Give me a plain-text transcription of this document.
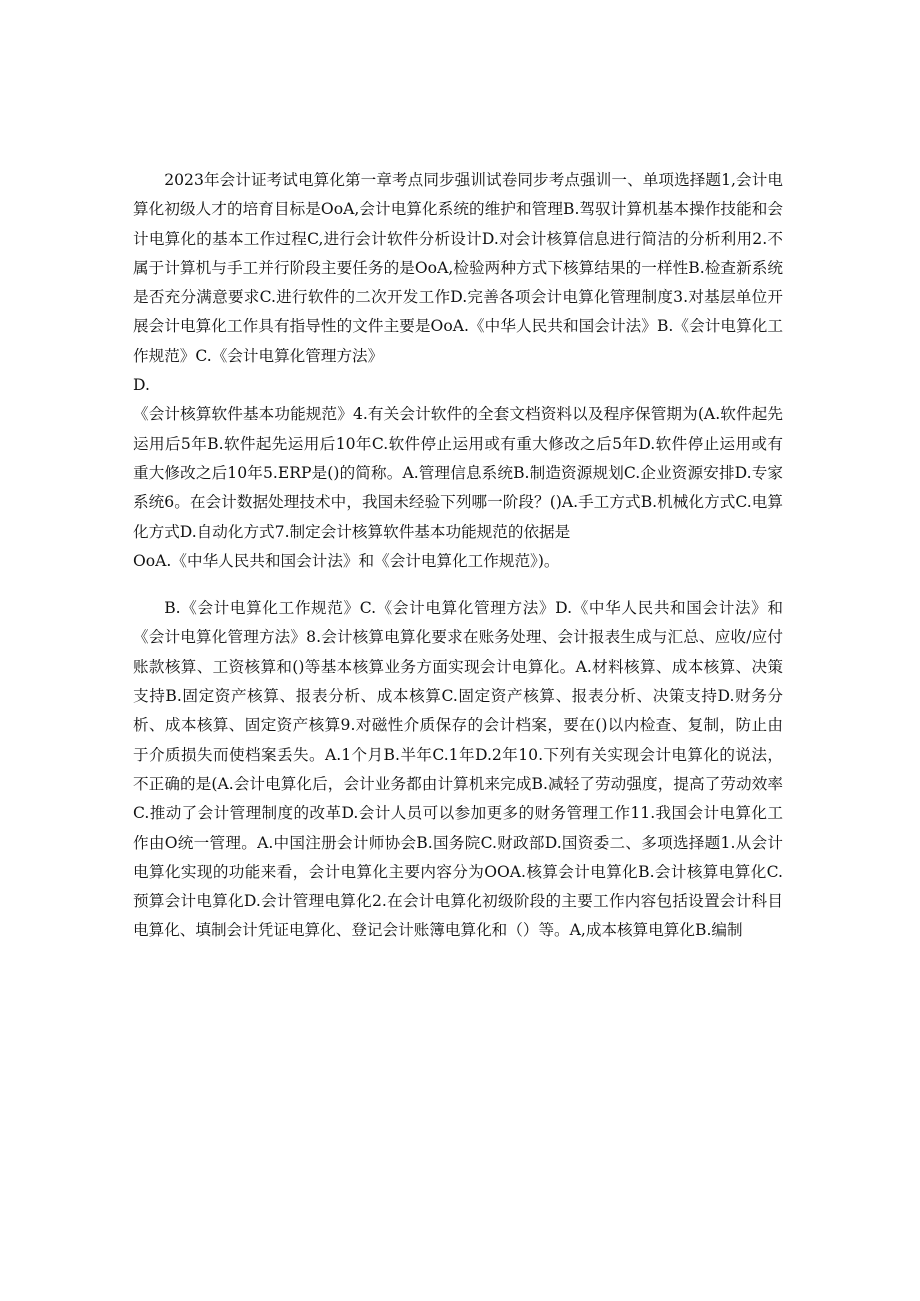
2023年会计证考试电算化第一章考点同步强训试卷同步考点强训一、单项选择题1,会计电算化初级人才的培育目标是OoA,会计电算化系统的维护和管理B.驾驭计算机基本操作技能和会计电算化的基本工作过程C,进行会计软件分析设计D.对会计核算信息进行简洁的分析利用2.不属于计算机与手工并行阶段主要任务的是OoA,检验两种方式下核算结果的一样性B.检查新系统是否充分满意要求C.进行软件的二次开发工作D.完善各项会计电算化管理制度3.对基层单位开展会计电算化工作具有指导性的文件主要是OoA.《中华人民共和国会计法》B.《会计电算化工作规范》C.《会计电算化管理方法》

D.

《会计核算软件基本功能规范》4.有关会计软件的全套文档资料以及程序保管期为(A.软件起先运用后5年B.软件起先运用后10年C.软件停止运用或有重大修改之后5年D.软件停止运用或有重大修改之后10年5.ERP是()的简称。A.管理信息系统B.制造资源规划C.企业资源安排D.专家系统6。在会计数据处理技术中，我国未经验下列哪一阶段？()A.手工方式B.机械化方式C.电算化方式D.自动化方式7.制定会计核算软件基本功能规范的依据是

OoA.《中华人民共和国会计法》和《会计电算化工作规范》)。

B.《会计电算化工作规范》C.《会计电算化管理方法》D.《中华人民共和国会计法》和《会计电算化管理方法》8.会计核算电算化要求在账务处理、会计报表生成与汇总、应收/应付账款核算、工资核算和()等基本核算业务方面实现会计电算化。A.材料核算、成本核算、决策支持B.固定资产核算、报表分析、成本核算C.固定资产核算、报表分析、决策支持D.财务分析、成本核算、固定资产核算9.对磁性介质保存的会计档案，要在()以内检查、复制，防止由于介质损失而使档案丢失。A.1个月B.半年C.1年D.2年10.下列有关实现会计电算化的说法，不正确的是(A.会计电算化后，会计业务都由计算机来完成B.减轻了劳动强度，提高了劳动效率C.推动了会计管理制度的改革D.会计人员可以参加更多的财务管理工作11.我国会计电算化工作由O统一管理。A.中国注册会计师协会B.国务院C.财政部D.国资委二、多项选择题1.从会计电算化实现的功能来看，会计电算化主要内容分为OOA.核算会计电算化B.会计核算电算化C.预算会计电算化D.会计管理电算化2.在会计电算化初级阶段的主要工作内容包括设置会计科目电算化、填制会计凭证电算化、登记会计账簿电算化和（）等。A,成本核算电算化B.编制
